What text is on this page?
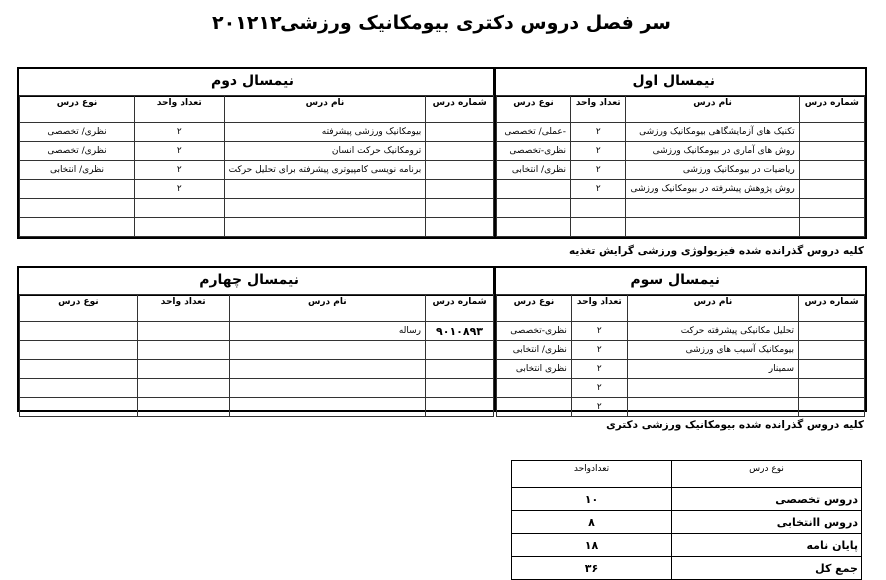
سر فصل دروس دکتری بیومکانیک ورزشی
۲۰۱۲۱۲
نیمسال اول
شماره درس	نام درس	تعداد واحد	نوع درس
	تکنیک های آزمایشگاهی بیومکانیک ورزشی	۲	-عملی/ تخصصی
	روش های آماری در بیومکانیک ورزشی	۲	نظری-تخصصی
	ریاضیات در بیومکانیک ورزشی	۲	نظری/ انتخابی
	روش پژوهش پیشرفته در بیومکانیک ورزشی	۲	

نیمسال دوم
شماره درس	نام درس	تعداد واحد	نوع درس
	بیومکانیک ورزشی پیشرفته	۲	نظری/ تخصصی
	ترومکانیک حرکت انسان	۲	نظری/ تخصصی
	برنامه نویسی کامپیوتری پیشرفته برای تحلیل حرکت	۲	نظری/ انتخابی
		۲	

کلیه دروس گذرانده شده فیزیولوژی ورزشی گرایش تغذیه
نیمسال سوم
شماره درس	نام درس	تعداد واحد	نوع درس
	تحلیل مکانیکی پیشرفته حرکت	۲	نظری-تخصصی
	بیومکانیک آسیب های ورزشی	۲	نظری/ انتخابی
	سمینار	۲	نظری انتخابی
		۲	
		۲	
نیمسال چهارم
شماره درس	نام درس	تعداد واحد	نوع درس
۹۰۱۰۸۹۳	رساله		

کلیه دروس گذرانده شده بیومکانیک ورزشی دکتری
نوع درس	تعدادواحد
دروس تخصصی	۱۰
دروس اانتخابی	۸
پایان نامه	۱۸
جمع کل	۳۶
